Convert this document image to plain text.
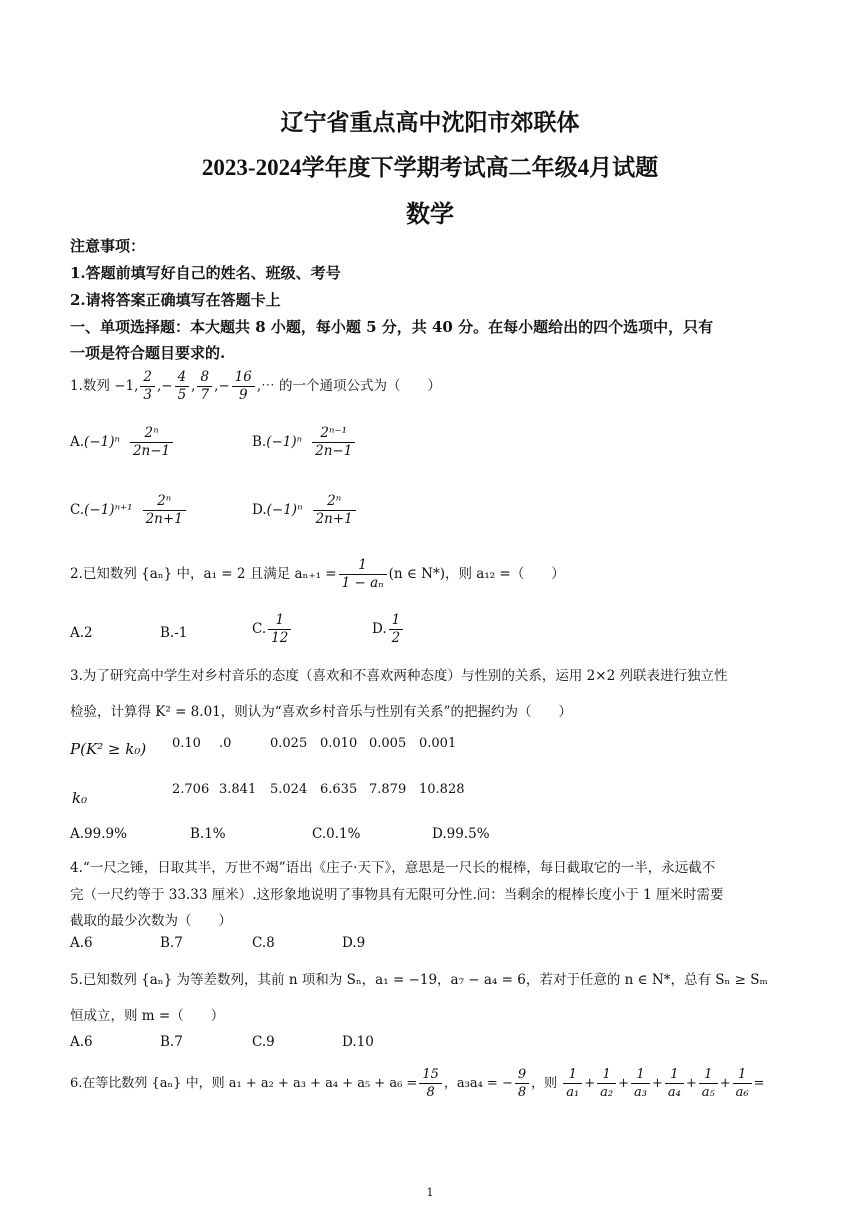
辽宁省重点高中沈阳市郊联体
2023-2024学年度下学期考试高二年级4月试题
数学
注意事项：
1.答题前填写好自己的姓名、班级、考号
2.请将答案正确填写在答题卡上
一、单项选择题：本大题共 8 小题，每小题 5 分，共 40 分。在每小题给出的四个选项中，只有
一项是符合题目要求的.
1.数列 −1, $\frac{2}{3}$ ,− $\frac{4}{5}$ , $\frac{8}{7}$ ,− $\frac{16}{9}$ ,⋯ 的一个通项公式为（　　）
$A.(-1)^n \frac{\text{2ⁿ}}{2n-1}$	$B.(-1)^n \frac{\text{2ⁿ⁻¹}}{2n-1}$
$C.(-1)^{n+1} \frac{\text{2ⁿ}}{2n+1}$	$D.(-1)^n \frac{\text{2ⁿ}}{2n+1}$
2.已知数列 {aₙ} 中，a₁ = 2 且满足 $a_{n+1} = \frac{1}{\text{1 − aₙ}} (n$ ∈ N*)，则 a₁₂ =（　　）
A.2	B.-1	C. $\frac{1}{12}$	D. $\frac{1}{2}$
3.为了研究高中学生对乡村音乐的态度（喜欢和不喜欢两种态度）与性别的关系，运用 2×2 列联表进行独立性
检验，计算得 K² = 8.01，则认为“喜欢乡村音乐与性别有关系”的把握约为（　　）
P(K² ≥ k₀) 0.10 .0	0.025 0.010 0.005 0.001
k₀	2.706 3.841 5.024 6.635 7.879 10.828
A.99.9%	B.1%	C.0.1%	D.99.5%
4.“一尺之锤，日取其半，万世不竭”语出《庄子·天下》，意思是一尺长的棍棒，每日截取它的一半，永远截不
完（一尺约等于 33.33 厘米）.这形象地说明了事物具有无限可分性.问：当剩余的棍棒长度小于 1 厘米时需要
截取的最少次数为（　　）
A.6	B.7	C.8	D.9
5.已知数列 {aₙ} 为等差数列，其前 n 项和为 Sₙ，a₁ = −19，a₇ − a₄ = 6，若对于任意的 n ∈ N*，总有 Sₙ ≥ Sₘ
恒成立，则 m =（　　）
A.6	B.7	C.9	D.10
6.在等比数列 {aₙ} 中，则 $a_1 + a_2 + a_3 + a_4 + a_5 + a_6 = \frac{15}{8}$ ，a₃a₄ = − $\frac{9}{8}$ ，则 $\frac{1}{\text{a₁}} + \frac{1}{\text{a₂}} + \frac{1}{\text{a₃}} + \frac{1}{\text{a₄}} + \frac{1}{\text{a₅}} + \frac{1}{\text{a₆}}$ =
1
